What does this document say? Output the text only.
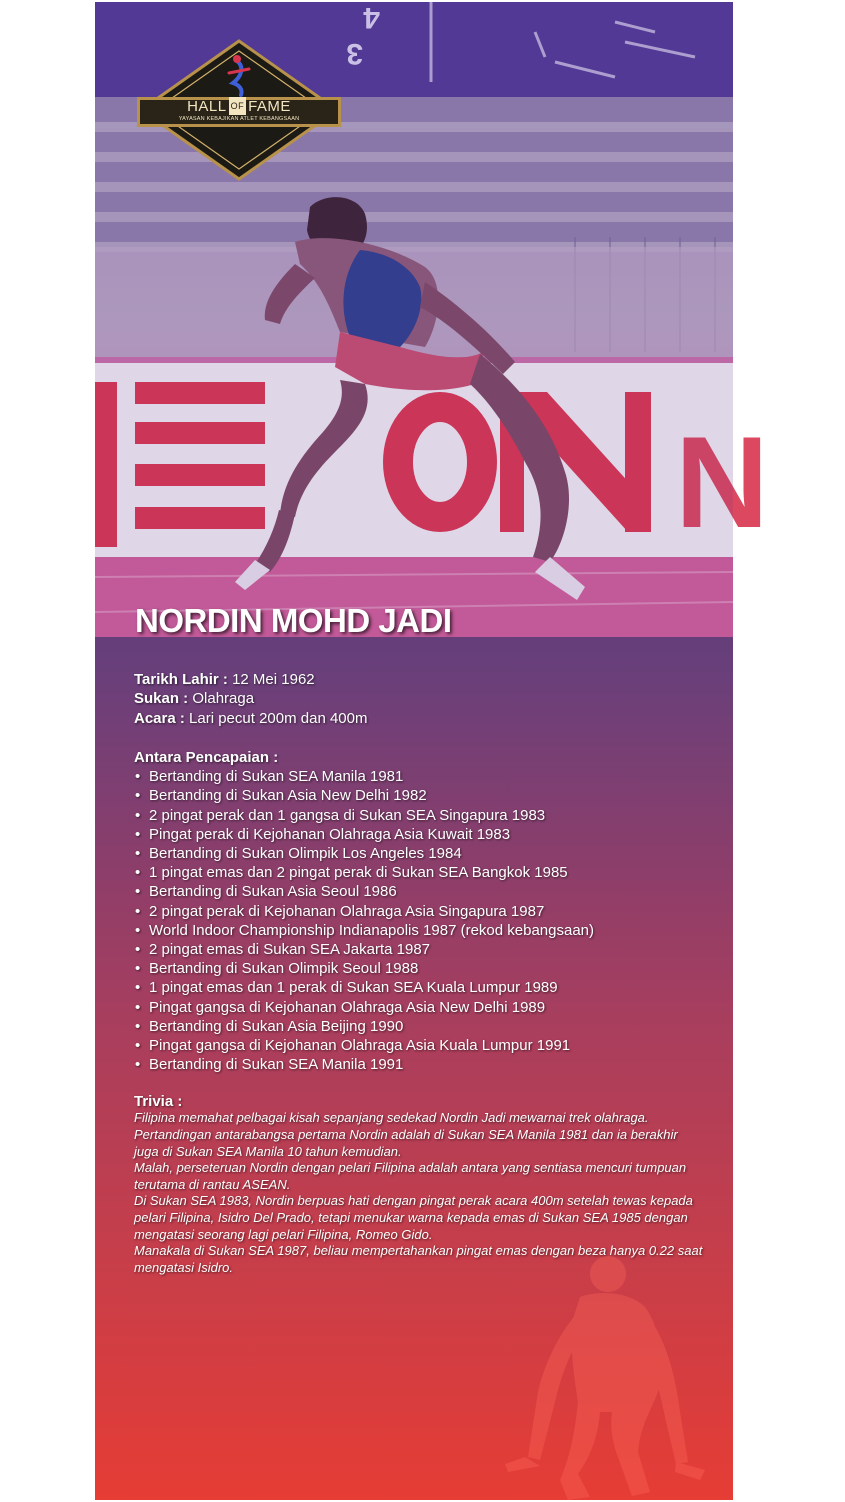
4
3
N
HALL OF FAME
YAYASAN KEBAJIKAN ATLET KEBANGSAAN
NORDIN MOHD JADI
Tarikh Lahir : 12 Mei 1962
Sukan : Olahraga
Acara : Lari pecut 200m dan 400m
Antara Pencapaian :
• Bertanding di Sukan SEA Manila 1981
• Bertanding di Sukan Asia New Delhi 1982
• 2 pingat perak dan 1 gangsa di Sukan SEA Singapura 1983
• Pingat perak di Kejohanan Olahraga Asia Kuwait 1983
• Bertanding di Sukan Olimpik Los Angeles 1984
• 1 pingat emas dan 2 pingat perak di Sukan SEA Bangkok 1985
• Bertanding di Sukan Asia Seoul 1986
• 2 pingat perak di Kejohanan Olahraga Asia Singapura 1987
• World Indoor Championship Indianapolis 1987 (rekod kebangsaan)
• 2 pingat emas di Sukan SEA Jakarta 1987
• Bertanding di Sukan Olimpik Seoul 1988
• 1 pingat emas dan 1 perak di Sukan SEA Kuala Lumpur 1989
• Pingat gangsa di Kejohanan Olahraga Asia New Delhi 1989
• Bertanding di Sukan Asia Beijing 1990
• Pingat gangsa di Kejohanan Olahraga Asia Kuala Lumpur 1991
• Bertanding di Sukan SEA Manila 1991
Trivia :

Filipina memahat pelbagai kisah sepanjang sedekad Nordin Jadi mewarnai trek olahraga. Pertandingan antarabangsa pertama Nordin adalah di Sukan SEA Manila 1981 dan ia berakhir juga di Sukan SEA Manila 10 tahun kemudian.

Malah, perseteruan Nordin dengan pelari Filipina adalah antara yang sentiasa mencuri tumpuan terutama di rantau ASEAN.

Di Sukan SEA 1983, Nordin berpuas hati dengan pingat perak acara 400m setelah tewas kepada pelari Filipina, Isidro Del Prado, tetapi menukar warna kepada emas di Sukan SEA 1985 dengan mengatasi seorang lagi pelari Filipina, Romeo Gido.

Manakala di Sukan SEA 1987, beliau mempertahankan pingat emas dengan beza hanya 0.22 saat mengatasi Isidro.
